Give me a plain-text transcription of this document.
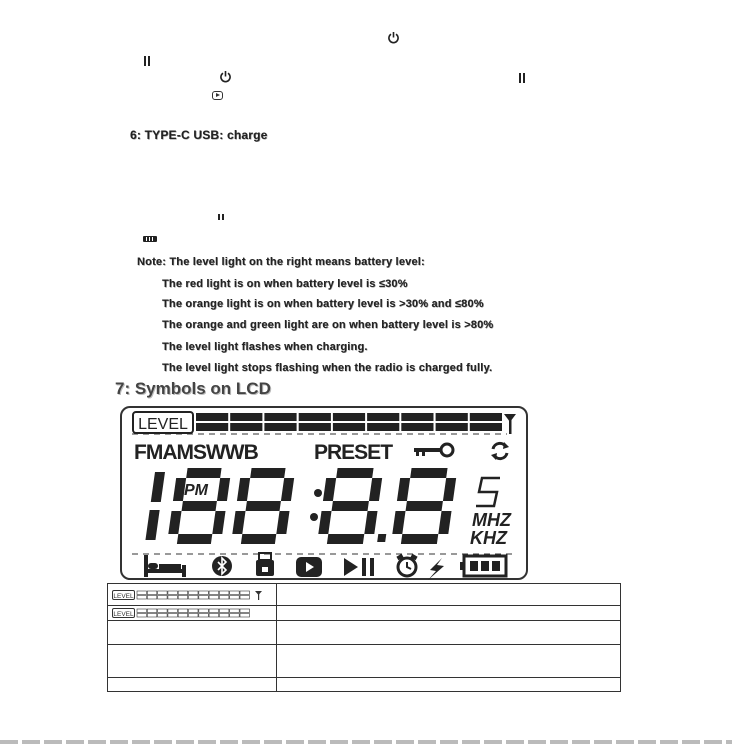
6: TYPE-C USB: charge
Note: The level light on the right means battery level:
The red light is on when battery level is ≤30%
The orange light is on when battery level is >30% and ≤80%
The orange and green light are on when battery level is >80%
The level light flashes when charging.
The level light stops flashing when the radio is charged fully.
7: Symbols on LCD
LEVEL
FMAMSWWB	PRESET
PM
MHZ
KHZ
LEVEL	

LEVEL	
